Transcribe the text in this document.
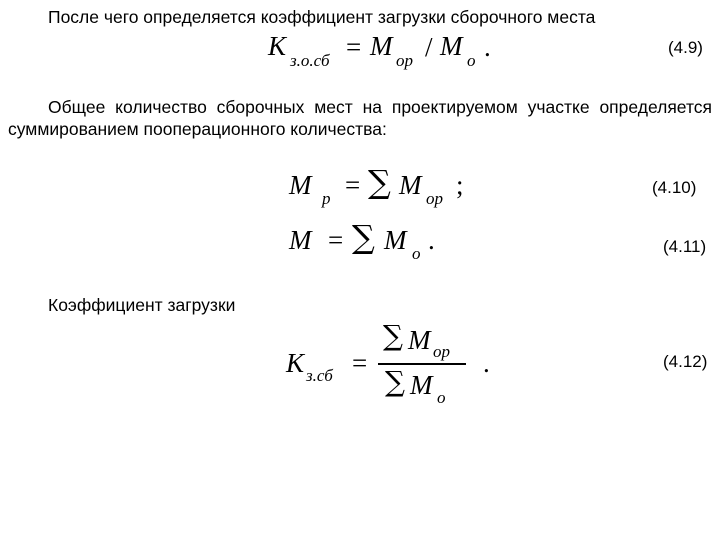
После чего определяется коэффициент загрузки сборочного места
K з.о.сб = M ор / M о .	(4.9)
Общее количество сборочных мест на проектируемом участке определяется суммированием пооперационного количества:
M р = ∑ M ор ;	(4.10)
M = ∑ M о .	(4.11)
Коэффициент загрузки
K з.сб =
∑ M ор
∑ M о
.	(4.12)
